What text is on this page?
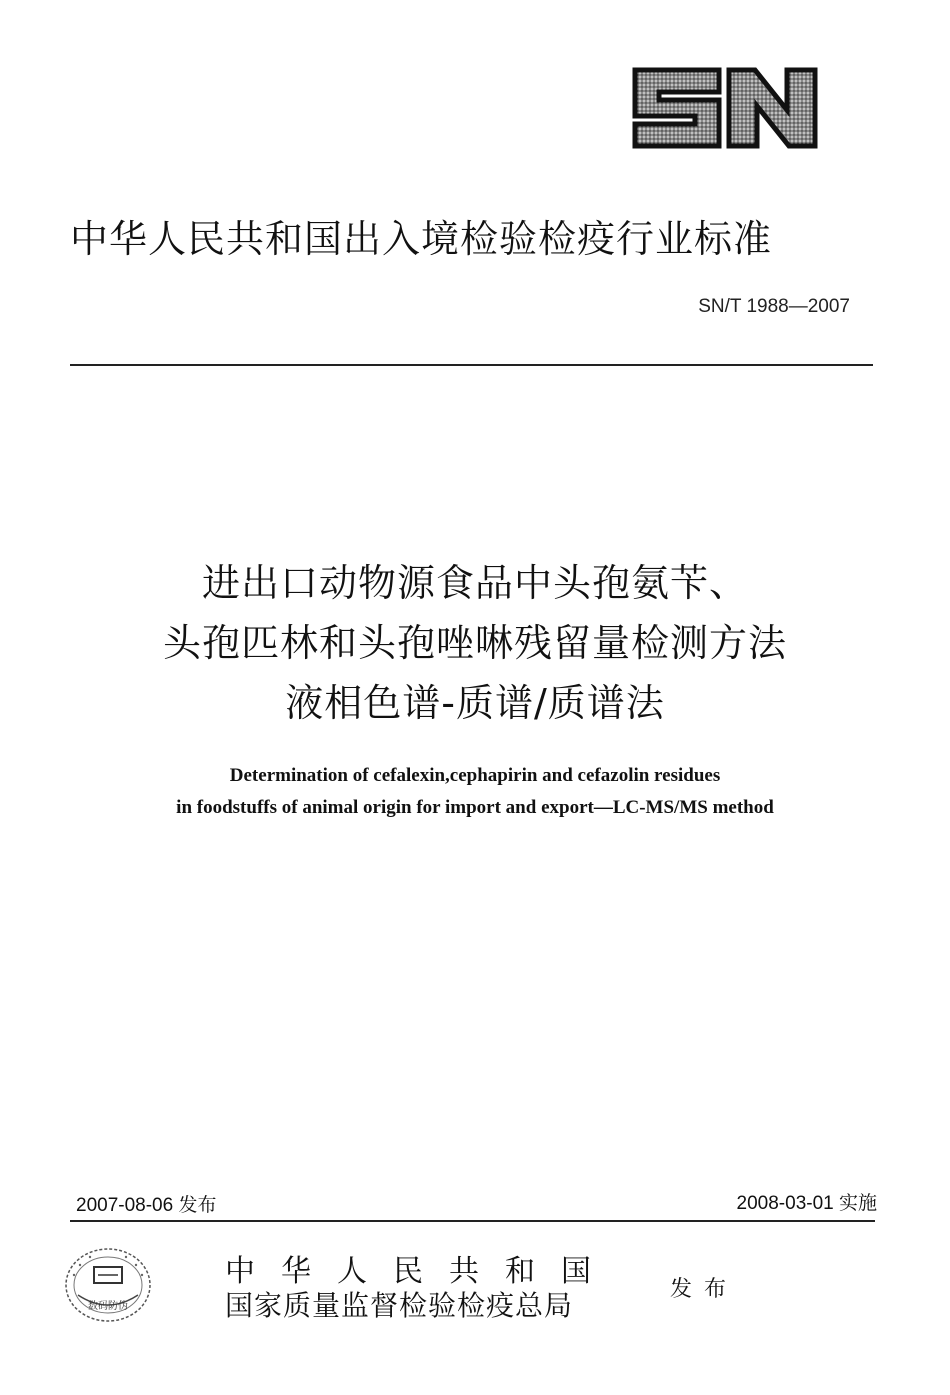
中华人民共和国出入境检验检疫行业标准
SN/T 1988—2007
进出口动物源食品中头孢氨苄、
头孢匹林和头孢唑啉残留量检测方法
液相色谱-质谱/质谱法
Determination of cefalexin,cephapirin and cefazolin residues
in foodstuffs of animal origin for import and export—LC-MS/MS method
2007-08-06 发布	2008-03-01 实施
数码防伪
中华人民共和国
国家质量监督检验检疫总局	发布
